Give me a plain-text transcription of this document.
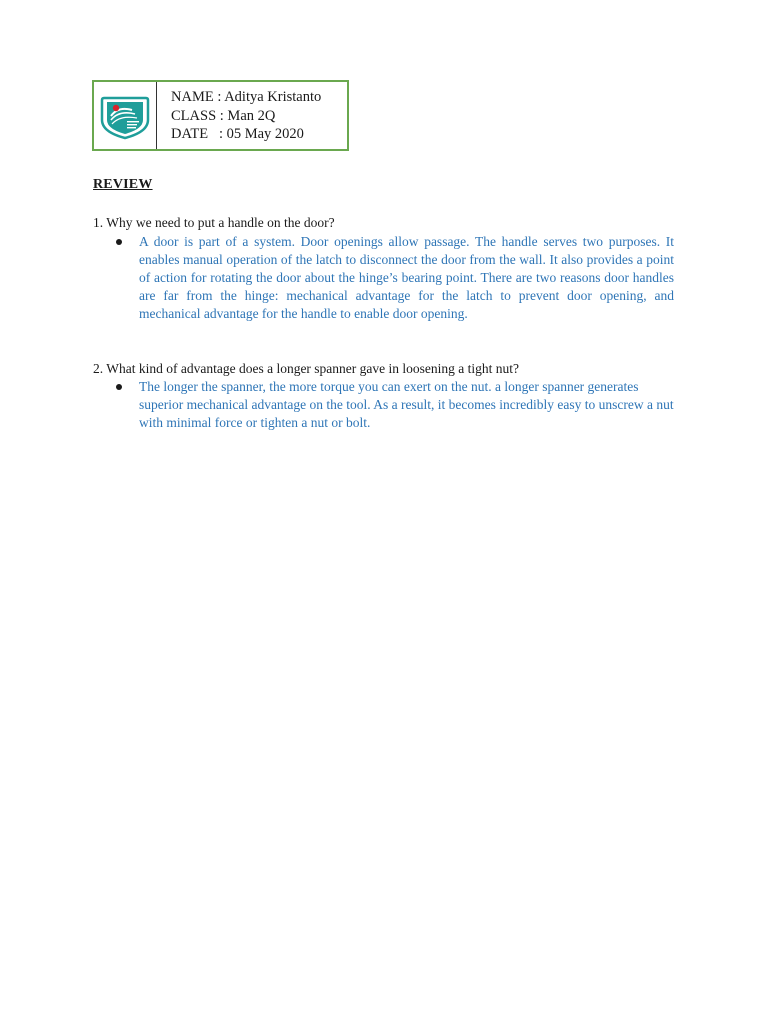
NAME : Aditya Kristanto
CLASS : Man 2Q
DATE   : 05 May 2020
REVIEW
1. Why we need to put a handle on the door?
A door is part of a system. Door openings allow passage. The handle serves two purposes. It enables manual operation of the latch to disconnect the door from the wall. It also provides a point of action for rotating the door about the hinge’s bearing point. There are two reasons door handles are far from the hinge: mechanical advantage for the latch to prevent door opening, and mechanical advantage for the handle to enable door opening.
2. What kind of advantage does a longer spanner gave in loosening a tight nut?
The longer the spanner, the more torque you can exert on the nut. a longer spanner generates superior mechanical advantage on the tool. As a result, it becomes incredibly easy to unscrew a nut with minimal force or tighten a nut or bolt.
